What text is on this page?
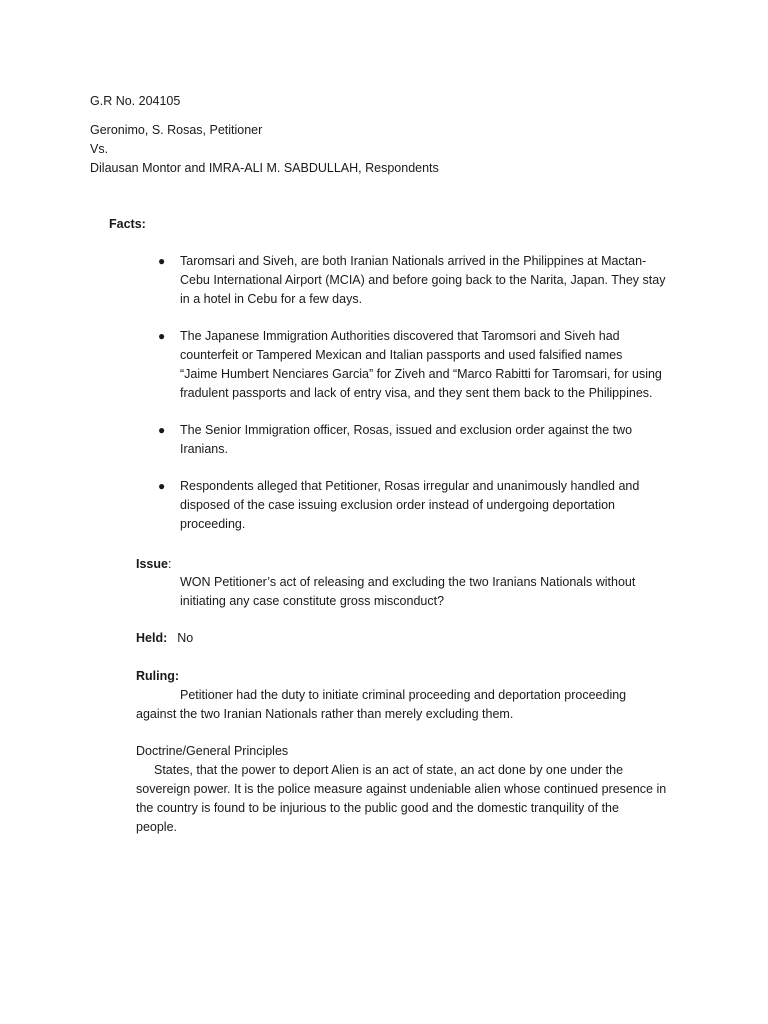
G.R No. 204105
Geronimo, S. Rosas, Petitioner
Vs.
Dilausan Montor and IMRA-ALI M. SABDULLAH, Respondents
Facts:
● Taromsari and Siveh, are both Iranian Nationals arrived in the Philippines at Mactan-
Cebu International Airport (MCIA) and before going back to the Narita, Japan. They stay
in a hotel in Cebu for a few days.
● The Japanese Immigration Authorities discovered that Taromsori and Siveh had
counterfeit or Tampered Mexican and Italian passports and used falsified names
“Jaime Humbert Nenciares Garcia” for Ziveh and “Marco Rabitti for Taromsari, for using
fradulent passports and lack of entry visa, and they sent them back to the Philippines.
● The Senior Immigration officer, Rosas, issued and exclusion order against the two
Iranians.
● Respondents alleged that Petitioner, Rosas irregular and unanimously handled and
disposed of the case issuing exclusion order instead of undergoing deportation
proceeding.
Issue:
WON Petitioner’s act of releasing and excluding the two Iranians Nationals without
initiating any case constitute gross misconduct?
Held: No
Ruling:
Petitioner had the duty to initiate criminal proceeding and deportation proceeding
against the two Iranian Nationals rather than merely excluding them.
Doctrine/General Principles
States, that the power to deport Alien is an act of state, an act done by one under the
sovereign power. It is the police measure against undeniable alien whose continued presence in
the country is found to be injurious to the public good and the domestic tranquility of the
people.
